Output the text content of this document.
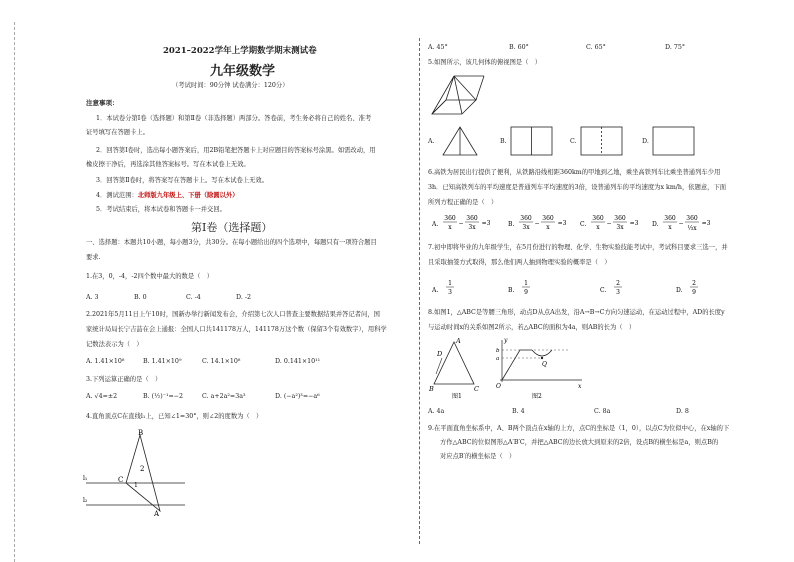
2021–2022学年上学期数学期末测试卷
九年级数学
（考试时间：90分钟 试卷满分：120分）
注意事项：
1．本试卷分第Ⅰ卷（选择题）和第Ⅱ卷（非选择题）两部分。答卷前，考生务必将自己的姓名、准考
证号填写在答题卡上。
2．回答第Ⅰ卷时，选出每小题答案后，用2B铅笔把答题卡上对应题目的答案标号涂黑。如需改动，用
橡皮擦干净后，再选涂其他答案标号。写在本试卷上无效。
3．回答第Ⅱ卷时，将答案写在答题卡上。写在本试卷上无效。
4．测试范围：北师版九年级上、下册（除圆以外）
5．考试结束后，将本试卷和答题卡一并交回。
第Ⅰ卷（选择题）
一、选择题：本题共10小题，每小题3分，共30分。在每小题给出的四个选项中，每题只有一项符合题目
要求.
1.在3，0，-4，-2四个数中最大的数是（　）
A. 3	B. 0	C. -4	D. -2
2.2021年5月11日上午10时，国新办举行新闻发布会，介绍第七次人口普查主要数据结果并答记者问，国
家统计局局长宁吉喆在会上通报：全国人口共141178万人，141178万这个数（保留3个有效数字），用科学
记数法表示为（　）
A. 1.41×10⁸	B. 1.41×10⁹	C. 14.1×10⁸	D. 0.141×10¹¹
3.下列运算正确的是（　）
A. √4=±2	B. (½)⁻¹=−2	C. a+2a²=3a³	D. (−a²)³=−a⁶
4.直角顶点C在直线l₁上，已知∠1=30°，则∠2的度数为（　）
B
2
C
1
A
l₁
l₂
A. 45°	B. 60°	C. 65°	D. 75°
5.如图所示，该几何体的俯视图是（　）
A.	B.	C.	D.
6.高铁为居民出行提供了便利，从铁路沿线相距360km的甲地到乙地，乘坐高铁列车比乘坐普通列车少用
3h．已知高铁列车的平均速度是普通列车平均速度的3倍，设普通列车的平均速度为x km/h，依题意，下面
所列方程正确的是（　）
A.
360
x
−
360
3x
=3	B.
360
3x
−
360
x
=3 C.
360
x
−
360
3x
=3 D.
360
x
−
360
⅓x
=3
7.初中即将毕业的九年级学生，在5月份进行的物理、化学、生物实验技能考试中，考试科目要求三选一，并
且采取抽签方式取得，那么他们两人抽到物理实验的概率是（　）
A.
1
3	B.
1
9	C.
2
3	D.
2
9
8.如图1，△ABC是等腰三角形，动点D从点A出发，沿A→B→C方向匀速运动，在运动过程中，AD的长度y
与运动时间x的关系如图2所示，若△ABC的面积为4a，则AB的长为（　）
D
A
B	C
图1
y
b
a
O
Q
x
图2
A. 4a	B. 4	C. 8a	D. 8
9.在平面直角坐标系中，A、B两个顶点在x轴的上方，点C的坐标是（1，0），以点C为位似中心，在x轴的下
方作△ABC的位似图形△A′B′C，并把△ABC的边长放大到原来的2倍，设点B的横坐标是a，则点B的
对应点B′的横坐标是（　）
